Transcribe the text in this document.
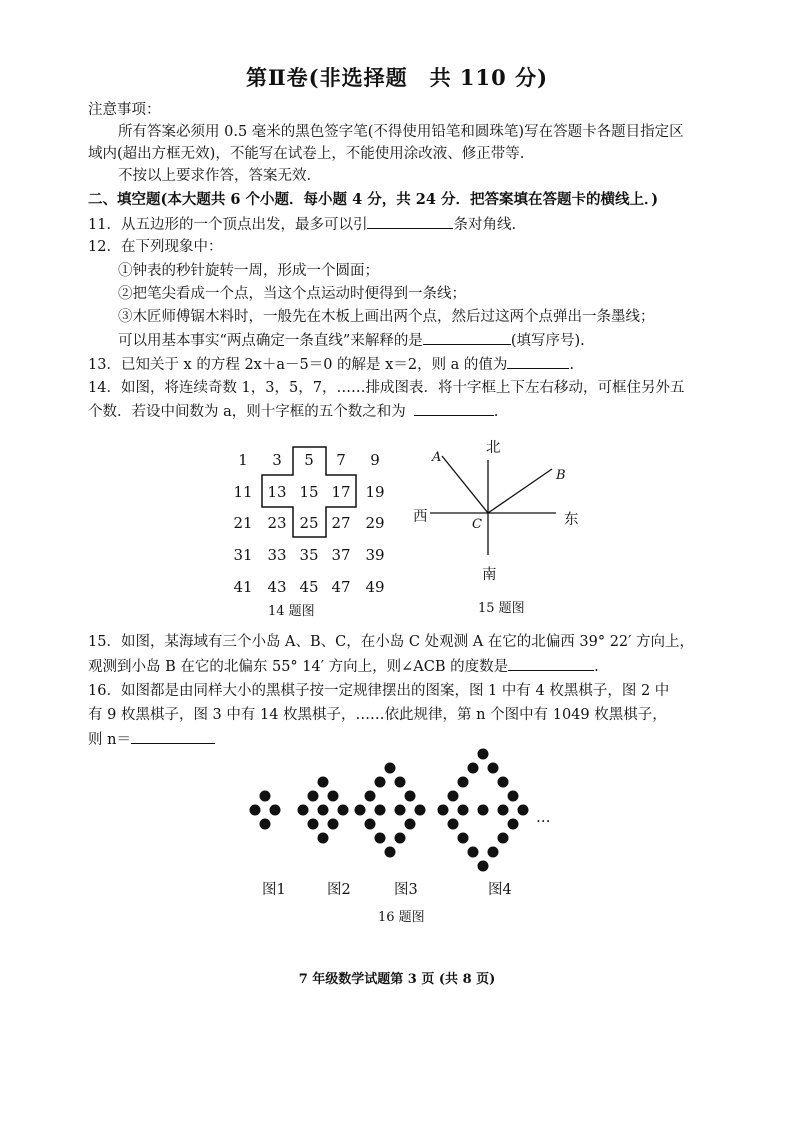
第Ⅱ卷(非选择题　共 110 分)
注意事项：
所有答案必须用 0.5 毫米的黑色签字笔(不得使用铅笔和圆珠笔)写在答题卡各题目指定区
域内(超出方框无效)，不能写在试卷上，不能使用涂改液、修正带等.
不按以上要求作答，答案无效.
二、填空题(本大题共 6 个小题．每小题 4 分，共 24 分．把答案填在答题卡的横线上．)
11．从五边形的一个顶点出发，最多可以引	条对角线.
12．在下列现象中：
①钟表的秒针旋转一周，形成一个圆面；
②把笔尖看成一个点，当这个点运动时便得到一条线；
③木匠师傅锯木料时，一般先在木板上画出两个点，然后过这两个点弹出一条墨线；
可以用基本事实“两点确定一条直线”来解释的是	(填写序号).
13．已知关于 x 的方程 2x＋a－5＝0 的解是 x＝2，则 a 的值为	.
14．如图，将连续奇数 1，3，5，7，……排成图表．将十字框上下左右移动，可框住另外五
个数．若设中间数为 a，则十字框的五个数之和为	.
1	3	5	7	9
11 13 15 17 19
21 23 25 27 29
31 33 35 37 39
41 43 45 47 49
14 题图
北
南
东
西
A
B
C
15 题图
15．如图，某海域有三个小岛 A、B、C，在小岛 C 处观测 A 在它的北偏西 39° 22′ 方向上，
观测到小岛 B 在它的北偏东 55° 14′ 方向上，则∠ACB 的度数是	.
16．如图都是由同样大小的黑棋子按一定规律摆出的图案，图 1 中有 4 枚黑棋子，图 2 中
有 9 枚黑棋子，图 3 中有 14 枚黑棋子，……依此规律，第 n 个图中有 1049 枚黑棋子，
则 n＝
…
图1	图2	图3	图4
16 题图
7 年级数学试题第 3 页 (共 8 页)
